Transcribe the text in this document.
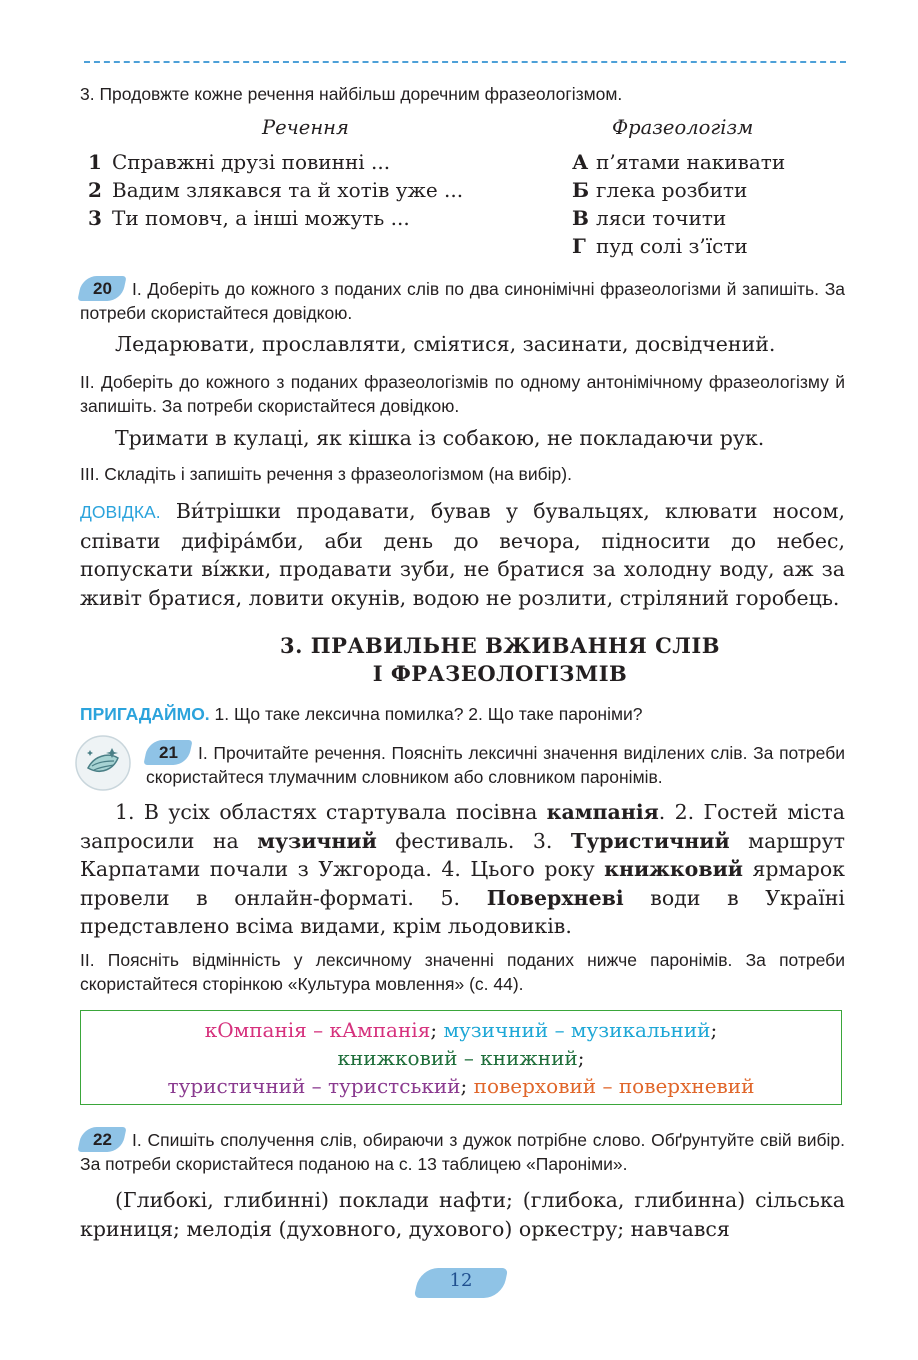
3. Продовжте кожне речення найбільш доречним фразеологізмом.
Речення	Фразеологізм
1 Справжні друзі повинні ...
2 Вадим злякався та й хотів уже ...
3 Ти помовч, а інші можуть ...
А п’ятами накивати
Б глека розбити
В ляси точити
Г пуд солі з’їсти
20 І. Доберіть до кожного з поданих слів по два синонімічні фразеологізми й запишіть. За потреби скористайтеся довідкою.
Ледарювати, прославляти, сміятися, засинати, досвідчений.
ІІ. Доберіть до кожного з поданих фразеологізмів по одному антонімічному фразеологізму й запишіть. За потреби скористайтеся довідкою.
Тримати в кулаці, як кішка із собакою, не покладаючи рук.
ІІІ. Складіть і запишіть речення з фразеологізмом (на вибір).
ДОВІДКА. Ви́трішки продавати, бував у бувальцях, клювати носом, співати дифіра́мби, аби день до вечора, підносити до небес, попускати ві́жки, продавати зуби, не братися за холодну воду, аж за живіт братися, ловити окунів, водою не розлити, стріляний горобець.
3. ПРАВИЛЬНЕ ВЖИВАННЯ СЛІВ
І ФРАЗЕОЛОГІЗМІВ
ПРИГАДАЙМО. 1. Що таке лексична помилка? 2. Що таке пароніми?
21 І. Прочитайте речення. Поясніть лексичні значення виділених слів. За потреби скористайтеся тлумачним словником або словником паронімів.
1. В усіх областях стартувала посівна кампанія. 2. Гостей міста запросили на музичний фестиваль. 3. Туристичний маршрут Карпатами почали з Ужгорода. 4. Цього року книжковий ярмарок провели в онлайн-форматі. 5. Поверхневі води в Україні представлено всіма видами, крім льодовиків.
ІІ. Поясніть відмінність у лексичному значенні поданих нижче паронімів. За потреби скористайтеся сторінкою «Культура мовлення» (с. 44).
кОмпанія – кАмпанія; музичний – музикальний;
книжковий – книжний;
туристичний – туристський; поверховий – поверхневий
22 І. Спишіть сполучення слів, обираючи з дужок потрібне слово. Обґрунтуйте свій вибір. За потреби скористайтеся поданою на с. 13 таблицею «Пароніми».
(Глибокі, глибинні) поклади нафти; (глибока, глибинна) сільська криниця; мелодія (духовного, духового) оркестру; навчався
12
